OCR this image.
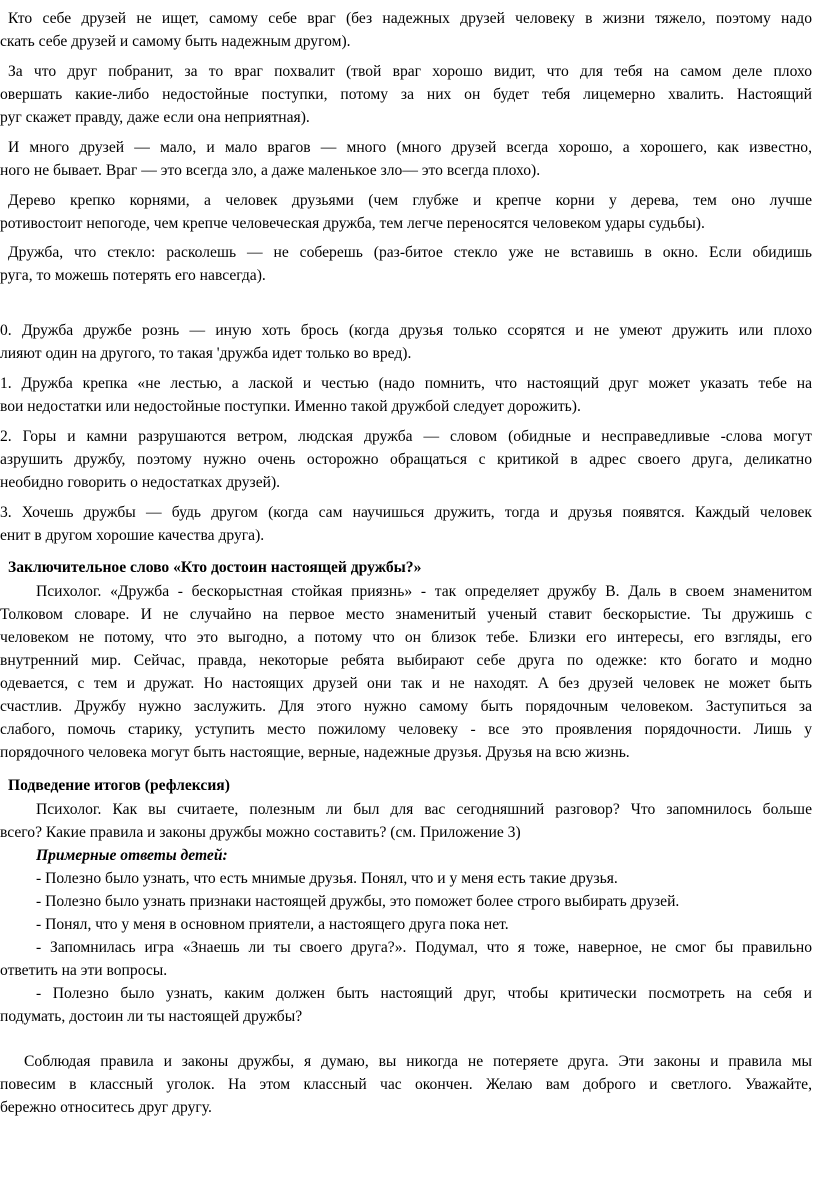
Кто себе друзей не ищет, самому себе враг (без надежных друзей человеку в жизни тяжело, поэтому надо
скать себе друзей и самому быть надежным другом).
За что друг побранит, за то враг похвалит (твой враг хорошо видит, что для тебя на самом деле плохо
овершать какие-либо недостойные поступки, потому за них он будет тебя лицемерно хвалить. Настоящий
руг скажет правду, даже если она неприятная).
И много друзей — мало, и мало врагов — много (много друзей всегда хорошо, а хорошего, как известно,
ного не бывает. Враг — это всегда зло, а даже маленькое зло— это всегда плохо).
Дерево крепко корнями, а человек друзьями (чем глубже и крепче корни у дерева, тем оно лучше
ротивостоит непогоде, чем крепче человеческая дружба, тем легче переносятся человеком удары судьбы).
Дружба, что стекло: расколешь — не соберешь (раз-битое стекло уже не вставишь в окно. Если обидишь
руга, то можешь потерять его навсегда).
0. Дружба дружбе рознь — иную хоть брось (когда друзья только ссорятся и не умеют дружить или плохо
лияют один на другого, то такая 'дружба идет только во вред).
1. Дружба крепка «не лестью, а лаской и честью (надо помнить, что настоящий друг может указать тебе на
вои недостатки или недостойные поступки. Именно такой дружбой следует дорожить).
2. Горы и камни разрушаются ветром, людская дружба — словом (обидные и несправедливые -слова могут
азрушить дружбу, поэтому нужно очень осторожно обращаться с критикой в адрес своего друга, деликатно
необидно говорить о недостатках друзей).
3. Хочешь дружбы — будь другом (когда сам научишься дружить, тогда и друзья появятся. Каждый человек
енит в другом хорошие качества друга).
Заключительное слово «Кто достоин настоящей дружбы?»
Психолог. «Дружба - бескорыстная стойкая приязнь» - так определяет дружбу В. Даль в своем знаменитом
Толковом словаре. И не случайно на первое место знаменитый ученый ставит бескорыстие. Ты дружишь с
человеком не потому, что это выгодно, а потому что он близок тебе. Близки его интересы, его взгляды, его
внутренний мир. Сейчас, правда, некоторые ребята выбирают себе друга по одежке: кто богато и модно
одевается, с тем и дружат. Но настоящих друзей они так и не находят. А без друзей человек не может быть
счастлив. Дружбу нужно заслужить. Для этого нужно самому быть порядочным человеком. Заступиться за
слабого, помочь старику, уступить место пожилому человеку - все это проявления порядочности. Лишь у
порядочного человека могут быть настоящие, верные, надежные друзья. Друзья на всю жизнь.
Подведение итогов (рефлексия)
Психолог. Как вы считаете, полезным ли был для вас сегодняшний разговор? Что запомнилось больше
всего? Какие правила и законы дружбы можно составить? (см. Приложение 3)
Примерные ответы детей:
- Полезно было узнать, что есть мнимые друзья. Понял, что и у меня есть такие друзья.
- Полезно было узнать признаки настоящей дружбы, это поможет более строго выбирать друзей.
- Понял, что у меня в основном приятели, а настоящего друга пока нет.
- Запомнилась игра «Знаешь ли ты своего друга?». Подумал, что я тоже, наверное, не смог бы правильно
ответить на эти вопросы.
- Полезно было узнать, каким должен быть настоящий друг, чтобы критически посмотреть на себя и
подумать, достоин ли ты настоящей дружбы?
Соблюдая правила и законы дружбы, я думаю, вы никогда не потеряете друга. Эти законы и правила мы
повесим в классный уголок. На этом классный час окончен. Желаю вам доброго и светлого. Уважайте,
бережно относитесь друг другу.
